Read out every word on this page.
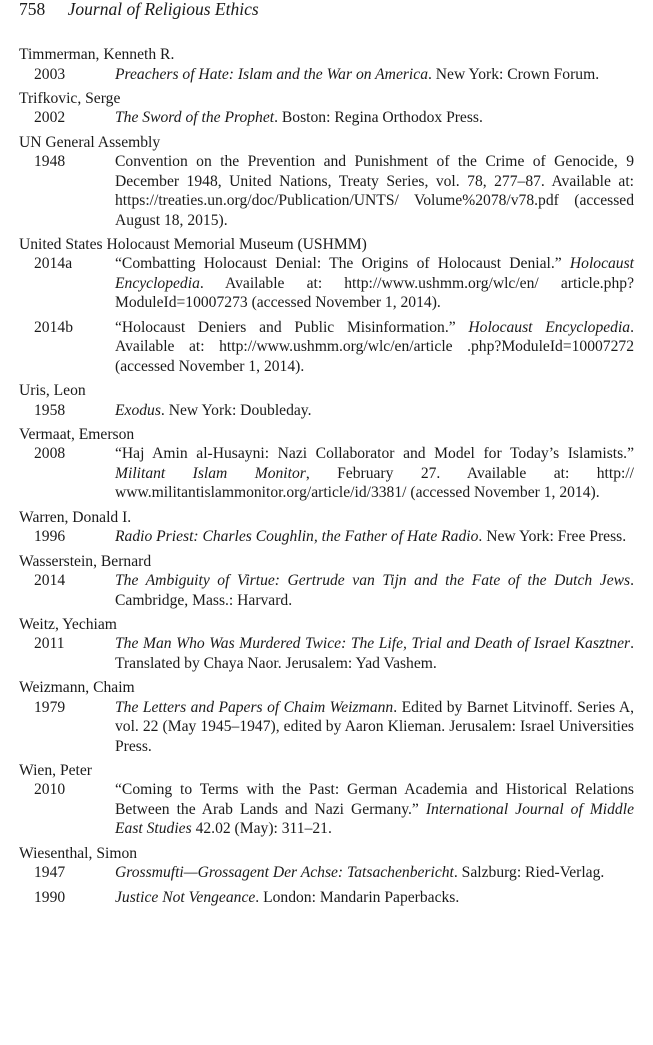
758 Journal of Religious Ethics
Timmerman, Kenneth R.
2003	Preachers of Hate: Islam and the War on America. New York: Crown Forum.
Trifkovic, Serge
2002	The Sword of the Prophet. Boston: Regina Orthodox Press.
UN General Assembly
1948	Convention on the Prevention and Punishment of the Crime of Genocide, 9 December 1948, United Nations, Treaty Series, vol. 78, 277–87. Available at: https://treaties.un.org/doc/Publication/UNTS/ Volume%2078/v78.pdf (accessed August 18, 2015).
United States Holocaust Memorial Museum (USHMM)
2014a	“Combatting Holocaust Denial: The Origins of Holocaust Denial.” Holocaust Encyclopedia. Available at: http://www.ushmm.org/wlc/en/ article.php?ModuleId=10007273 (accessed November 1, 2014).
2014b	“Holocaust Deniers and Public Misinformation.” Holocaust Encyclopedia. Available at: http://www.ushmm.org/wlc/en/article .php?ModuleId=10007272 (accessed November 1, 2014).
Uris, Leon
1958	Exodus. New York: Doubleday.
Vermaat, Emerson
2008	“Haj Amin al-Husayni: Nazi Collaborator and Model for Today’s Islamists.” Militant Islam Monitor, February 27. Available at: http:// www.militantislammonitor.org/article/id/3381/ (accessed November 1, 2014).
Warren, Donald I.
1996	Radio Priest: Charles Coughlin, the Father of Hate Radio. New York: Free Press.
Wasserstein, Bernard
2014	The Ambiguity of Virtue: Gertrude van Tijn and the Fate of the Dutch Jews. Cambridge, Mass.: Harvard.
Weitz, Yechiam
2011	The Man Who Was Murdered Twice: The Life, Trial and Death of Israel Kasztner. Translated by Chaya Naor. Jerusalem: Yad Vashem.
Weizmann, Chaim
1979	The Letters and Papers of Chaim Weizmann. Edited by Barnet Litvinoff. Series A, vol. 22 (May 1945–1947), edited by Aaron Klieman. Jerusalem: Israel Universities Press.
Wien, Peter
2010	“Coming to Terms with the Past: German Academia and Historical Relations Between the Arab Lands and Nazi Germany.” International Journal of Middle East Studies 42.02 (May): 311–21.
Wiesenthal, Simon
1947	Grossmufti—Grossagent Der Achse: Tatsachenbericht. Salzburg: Ried-Verlag.
1990	Justice Not Vengeance. London: Mandarin Paperbacks.
